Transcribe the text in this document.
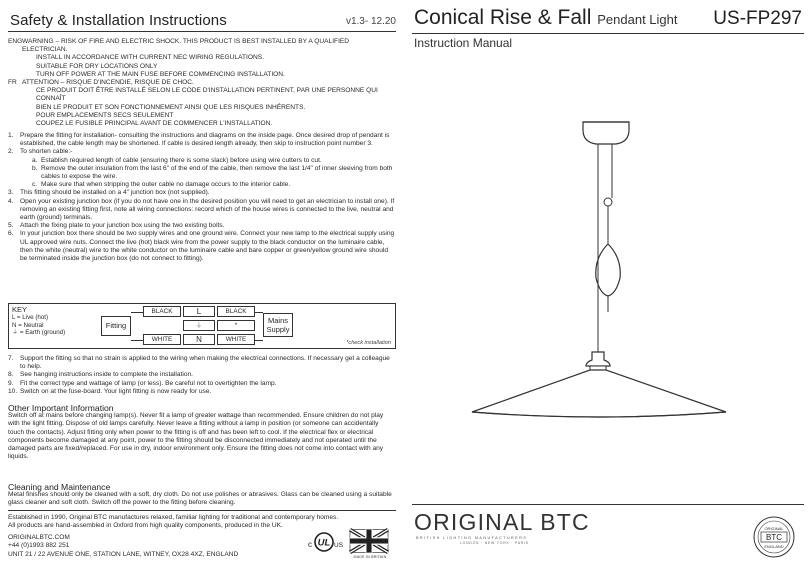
Safety & Installation Instructions	v1.3- 12.20
ENG WARNING – RISK OF FIRE AND ELECTRIC SHOCK. THIS PRODUCT IS BEST INSTALLED BY A QUALIFIED ELECTRICIAN.
INSTALL IN ACCORDANCE WITH CURRENT NEC WIRING REGULATIONS.
SUITABLE FOR DRY LOCATIONS ONLY
TURN OFF POWER AT THE MAIN FUSE BEFORE COMMENCING INSTALLATION.
FR ATTENTION – RISQUE D'INCENDIE, RISQUE DE CHOC.
CE PRODUIT DOIT ÊTRE INSTALLÉ SELON LE CODE D'INSTALLATION PERTINENT, PAR UNE PERSONNE QUI CONNAÎT
BIEN LE PRODUIT ET SON FONCTIONNEMENT AINSI QUE LES RISQUES INHÉRENTS.
POUR EMPLACEMENTS SECS SEULEMENT
COUPEZ LE FUSIBLE PRINCIPAL AVANT DE COMMENCER L'INSTALLATION.
1. Prepare the fitting for installation- consulting the instructions and diagrams on the inside page. Once desired drop of pendant is established, the cable length may be shortened. If cable is desired length already, then skip to instruction point number 3.
2. To shorten cable:-
a. Establish required length of cable (ensuring there is some slack) before using wire cutters to cut.
b. Remove the outer insulation from the last 6" of the end of the cable, then remove the last 1/4" of inner sleeving from both cables to expose the wire.
c. Make sure that when stripping the outer cable no damage occurs to the interior cable.
3. This fitting should be installed on a 4" junction box (not supplied).
4. Open your existing junction box (if you do not have one in the desired position you will need to get an electrician to install one). If removing an existing fitting first, note all wiring connections: record which of the house wires is connected to the live, neutral and earth (ground) terminals.
5. Attach the fixing plate to your junction box using the two existing bolts.
6. In your junction box there should be two supply wires and one ground wire. Connect your new lamp to the electrical supply using UL approved wire nuts. Connect the live (hot) black wire from the power supply to the black conductor on the luminaire cable, then the white (neutral) wire to the white conductor on the luminaire cable and bare copper or green/yellow ground wire should be terminated inside the junction box (do not connect to fitting).
KEY
L = Live (hot)
N = Neutral
⏚ = Earth (ground)
Fitting
BLACK
WHITE
L
⏚
N
BLACK
*
WHITE
Mains
Supply
*check installation
7. Support the fitting so that no strain is applied to the wiring when making the electrical connections. If necessary get a colleague to help.
8. See hanging instructions inside to complete the installation.
9. Fit the correct type and wattage of lamp (or less). Be careful not to overtighten the lamp.
10. Switch on at the fuse-board. Your light fitting is now ready for use.
Other Important Information
Switch off at mains before changing lamp(s). Never fit a lamp of greater wattage than recommended. Ensure children do not play with the light fitting. Dispose of old lamps carefully. Never leave a fitting without a lamp in position (or someone can accidentally touch the contacts). Adjust fitting only when power to the fitting is off and has been left to cool. If the electrical flex or electrical components become damaged at any point, power to the fitting should be disconnected immediately and not operated until the damaged parts are fixed/replaced. For use in dry, indoor environment only. Ensure the fitting does not come into contact with any liquids.
Cleaning and Maintenance
Metal finishes should only be cleaned with a soft, dry cloth. Do not use polishes or abrasives. Glass can be cleaned using a suitable glass cleaner and soft cloth. Switch off the power to the fitting before cleaning.
Established in 1990, Original BTC manufactures relaxed, familiar lighting for traditional and contemporary homes.
All products are hand-assembled in Oxford from high quality components, produced in the UK.
ORIGINALBTC.COM
+44 (0)1993 882 251
UNIT 21 / 22 AVENUE ONE, STATION LANE, WITNEY, OX28 4XZ, ENGLAND
c UL US
MADE IN BRITAIN
Conical Rise & Fall Pendant Light US-FP297
Instruction Manual
ORIGINAL BTC
BRITISH LIGHTING MANUFACTURERS
LONDON · NEW YORK · PARIS
ORIGINAL
BTC
ENGLAND
